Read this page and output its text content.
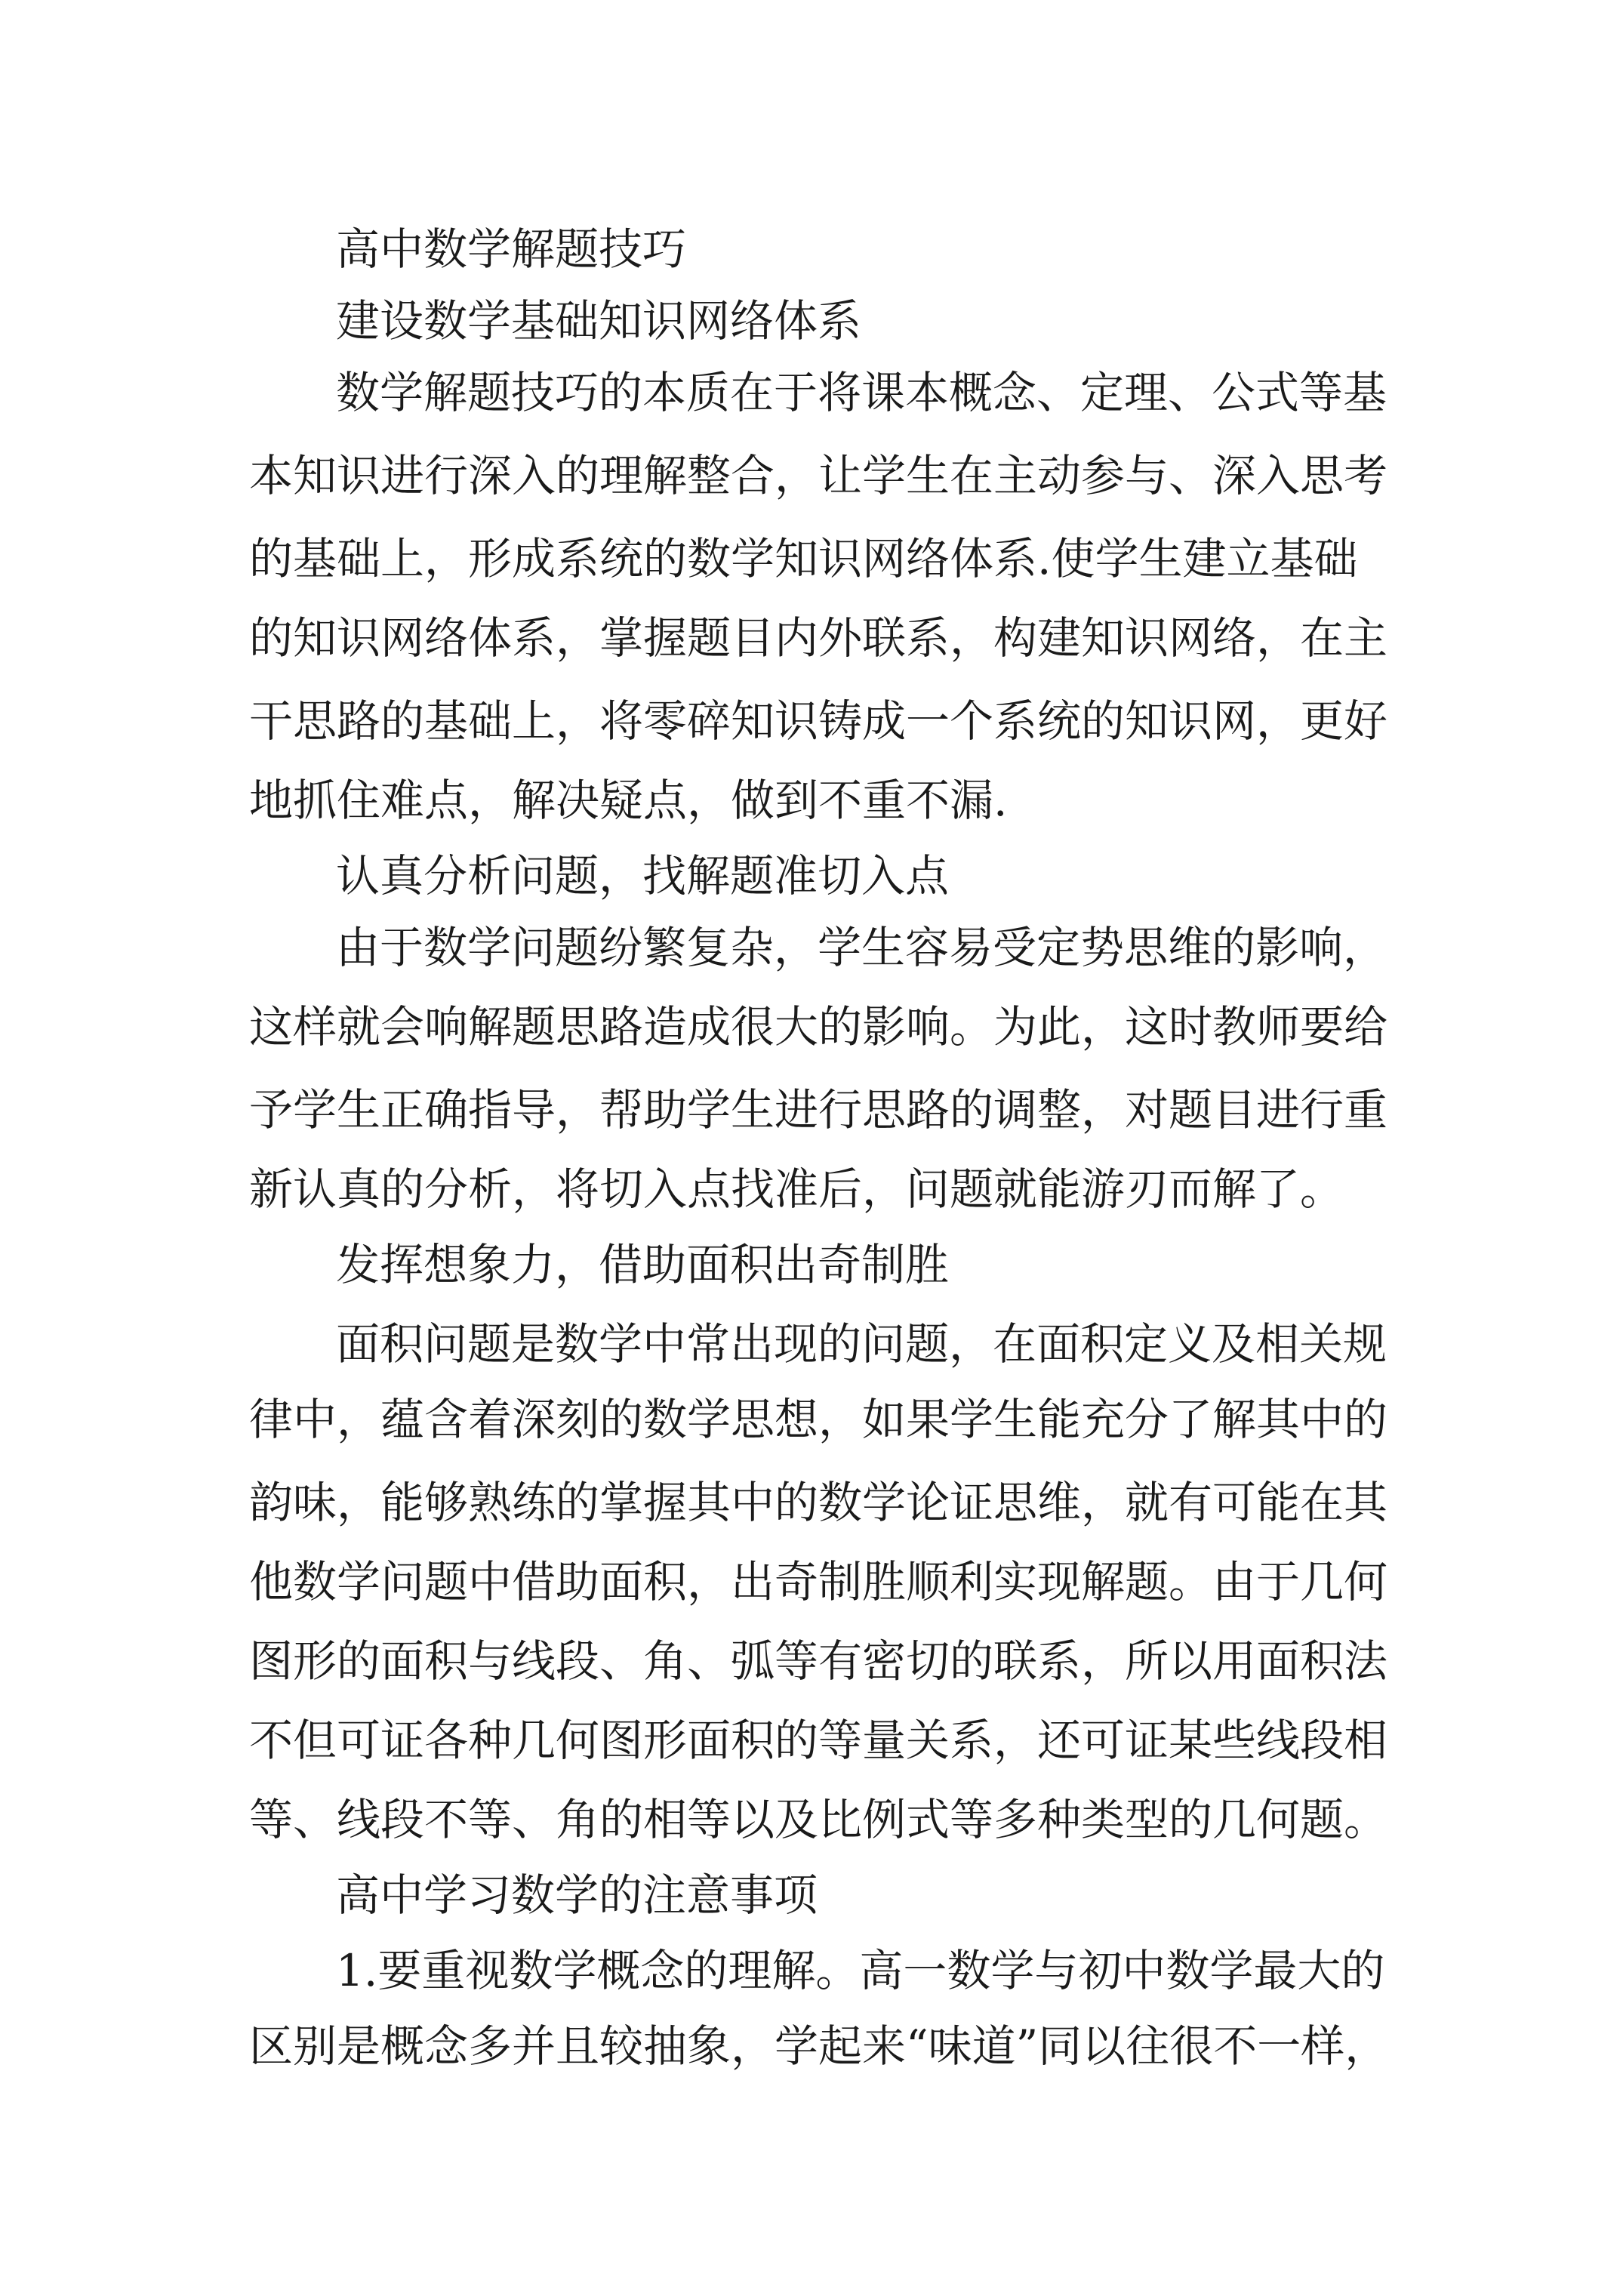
高中数学解题技巧
建设数学基础知识网络体系
数学解题技巧的本质在于将课本概念、定理、公式等基
本知识进行深入的理解整合，让学生在主动参与、深入思考
的基础上，形成系统的数学知识网络体系.使学生建立基础
的知识网络体系，掌握题目内外联系，构建知识网络，在主
干思路的基础上，将零碎知识铸成一个系统的知识网，更好
地抓住难点，解决疑点，做到不重不漏.
认真分析问题，找解题准切入点
由于数学问题纷繁复杂，学生容易受定势思维的影响，
这样就会响解题思路造成很大的影响。为此，这时教师要给
予学生正确指导，帮助学生进行思路的调整，对题目进行重
新认真的分析，将切入点找准后，问题就能游刃而解了。
发挥想象力，借助面积出奇制胜
面积问题是数学中常出现的问题，在面积定义及相关规
律中，蕴含着深刻的数学思想，如果学生能充分了解其中的
韵味，能够熟练的掌握其中的数学论证思维，就有可能在其
他数学问题中借助面积，出奇制胜顺利实现解题。由于几何
图形的面积与线段、角、弧等有密切的联系，所以用面积法
不但可证各种几何图形面积的等量关系，还可证某些线段相
等、线段不等、角的相等以及比例式等多种类型的几何题。
高中学习数学的注意事项
1.要重视数学概念的理解。高一数学与初中数学最大的
区别是概念多并且较抽象，学起来“味道”同以往很不一样，
